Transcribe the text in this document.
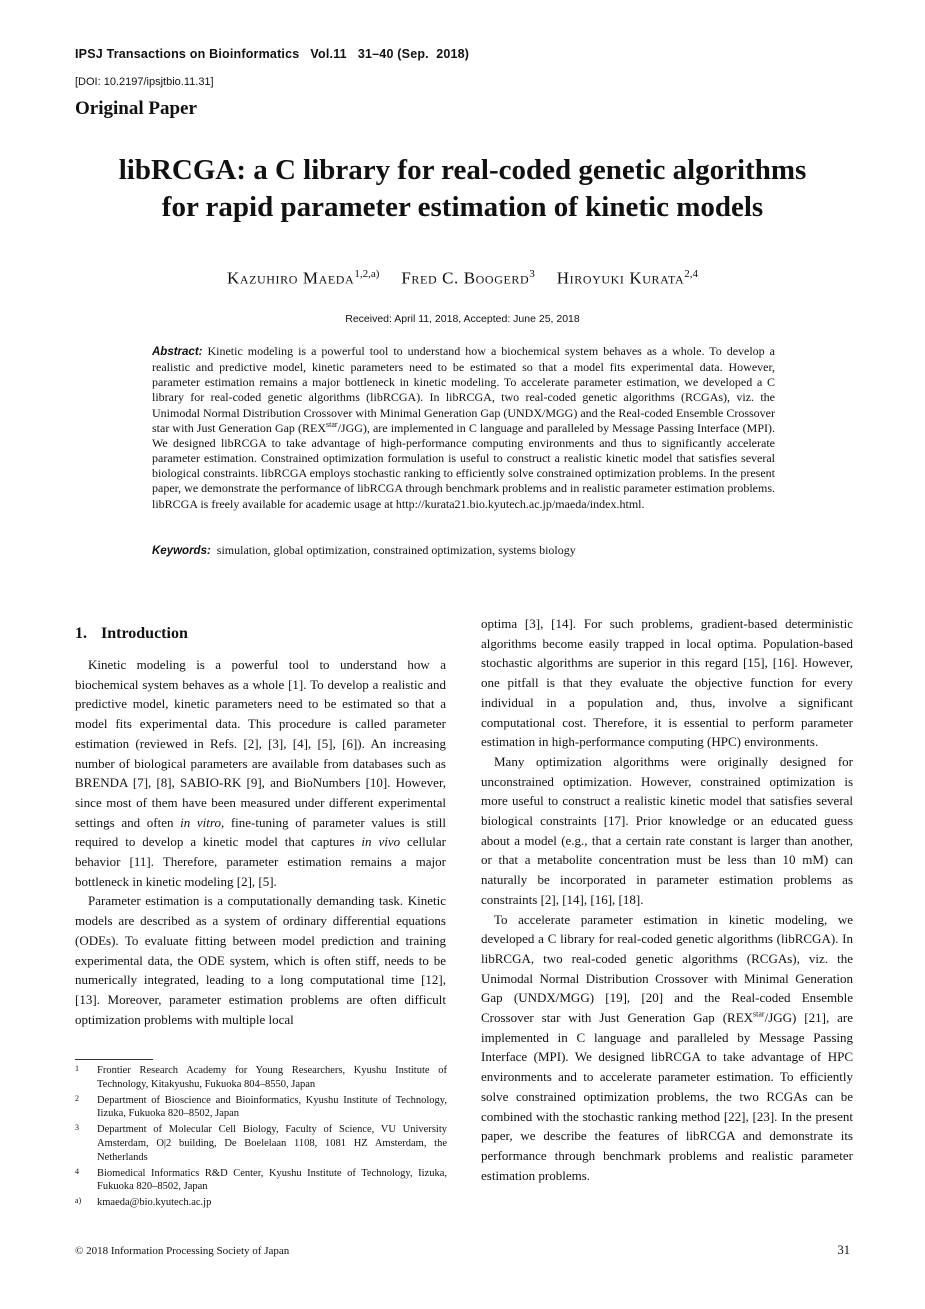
IPSJ Transactions on Bioinformatics   Vol.11   31–40 (Sep.  2018)
[DOI: 10.2197/ipsjtbio.11.31]
Original Paper
libRCGA: a C library for real-coded genetic algorithms
for rapid parameter estimation of kinetic models
Kazuhiro Maeda$^{1,2,a)}$ Fred C. Boogerd$^3$ Hiroyuki Kurata$^{2,4}$
Received: April 11, 2018, Accepted: June 25, 2018
Abstract: Kinetic modeling is a powerful tool to understand how a biochemical system behaves as a whole. To develop a realistic and predictive model, kinetic parameters need to be estimated so that a model fits experimental data. However, parameter estimation remains a major bottleneck in kinetic modeling. To accelerate parameter estimation, we developed a C library for real-coded genetic algorithms (libRCGA). In libRCGA, two real-coded genetic algorithms (RCGAs), viz. the Unimodal Normal Distribution Crossover with Minimal Generation Gap (UNDX/MGG) and the Real-coded Ensemble Crossover star with Just Generation Gap $(REX^{star}/JGG)$, are implemented in C language and paralleled by Message Passing Interface (MPI). We designed libRCGA to take advantage of high-performance computing environments and thus to significantly accelerate parameter estimation. Constrained optimization formulation is useful to construct a realistic kinetic model that satisfies several biological constraints. libRCGA employs stochastic ranking to efficiently solve constrained optimization problems. In the present paper, we demonstrate the performance of libRCGA through benchmark problems and in realistic parameter estimation problems. libRCGA is freely available for academic usage at http://kurata21.bio.kyutech.ac.jp/maeda/index.html.
Keywords: simulation, global optimization, constrained optimization, systems biology
1. Introduction

Kinetic modeling is a powerful tool to understand how a biochemical system behaves as a whole [1]. To develop a realistic and predictive model, kinetic parameters need to be estimated so that a model fits experimental data. This procedure is called parameter estimation (reviewed in Refs. [2], [3], [4], [5], [6]). An increasing number of biological parameters are available from databases such as BRENDA [7], [8], SABIO-RK [9], and BioNumbers [10]. However, since most of them have been measured under different experimental settings and often in vitro, fine-tuning of parameter values is still required to develop a kinetic model that captures in vivo cellular behavior [11]. Therefore, parameter estimation remains a major bottleneck in kinetic modeling [2], [5].

Parameter estimation is a computationally demanding task. Kinetic models are described as a system of ordinary differential equations (ODEs). To evaluate fitting between model prediction and training experimental data, the ODE system, which is often stiff, needs to be numerically integrated, leading to a long computational time [12], [13]. Moreover, parameter estimation problems are often difficult optimization problems with multiple local

optima [3], [14]. For such problems, gradient-based deterministic algorithms become easily trapped in local optima. Population-based stochastic algorithms are superior in this regard [15], [16]. However, one pitfall is that they evaluate the objective function for every individual in a population and, thus, involve a significant computational cost. Therefore, it is essential to perform parameter estimation in high-performance computing (HPC) environments.

Many optimization algorithms were originally designed for unconstrained optimization. However, constrained optimization is more useful to construct a realistic kinetic model that satisfies several biological constraints [17]. Prior knowledge or an educated guess about a model (e.g., that a certain rate constant is larger than another, or that a metabolite concentration must be less than 10 mM) can naturally be incorporated in parameter estimation problems as constraints [2], [14], [16], [18].

To accelerate parameter estimation in kinetic modeling, we developed a C library for real-coded genetic algorithms (libRCGA). In libRCGA, two real-coded genetic algorithms (RCGAs), viz. the Unimodal Normal Distribution Crossover with Minimal Generation Gap (UNDX/MGG) [19], [20] and the Real-coded Ensemble Crossover star with Just Generation Gap $(REX^{star}/JGG)$ [21], are implemented in C language and paralleled by Message Passing Interface (MPI). We designed libRCGA to take advantage of HPC environments and to accelerate parameter estimation. To efficiently solve constrained optimization problems, the two RCGAs can be combined with the stochastic ranking method [22], [23]. In the present paper, we describe the features of libRCGA and demonstrate its performance through benchmark problems and realistic parameter estimation problems.

1 Frontier Research Academy for Young Researchers, Kyushu Institute of Technology, Kitakyushu, Fukuoka 804–8550, Japan
2 Department of Bioscience and Bioinformatics, Kyushu Institute of Technology, Iizuka, Fukuoka 820–8502, Japan
3 Department of Molecular Cell Biology, Faculty of Science, VU University Amsterdam, O|2 building, De Boelelaan 1108, 1081 HZ Amsterdam, the Netherlands
4 Biomedical Informatics R&D Center, Kyushu Institute of Technology, Iizuka, Fukuoka 820–8502, Japan
a) kmaeda@bio.kyutech.ac.jp
© 2018 Information Processing Society of Japan	31
